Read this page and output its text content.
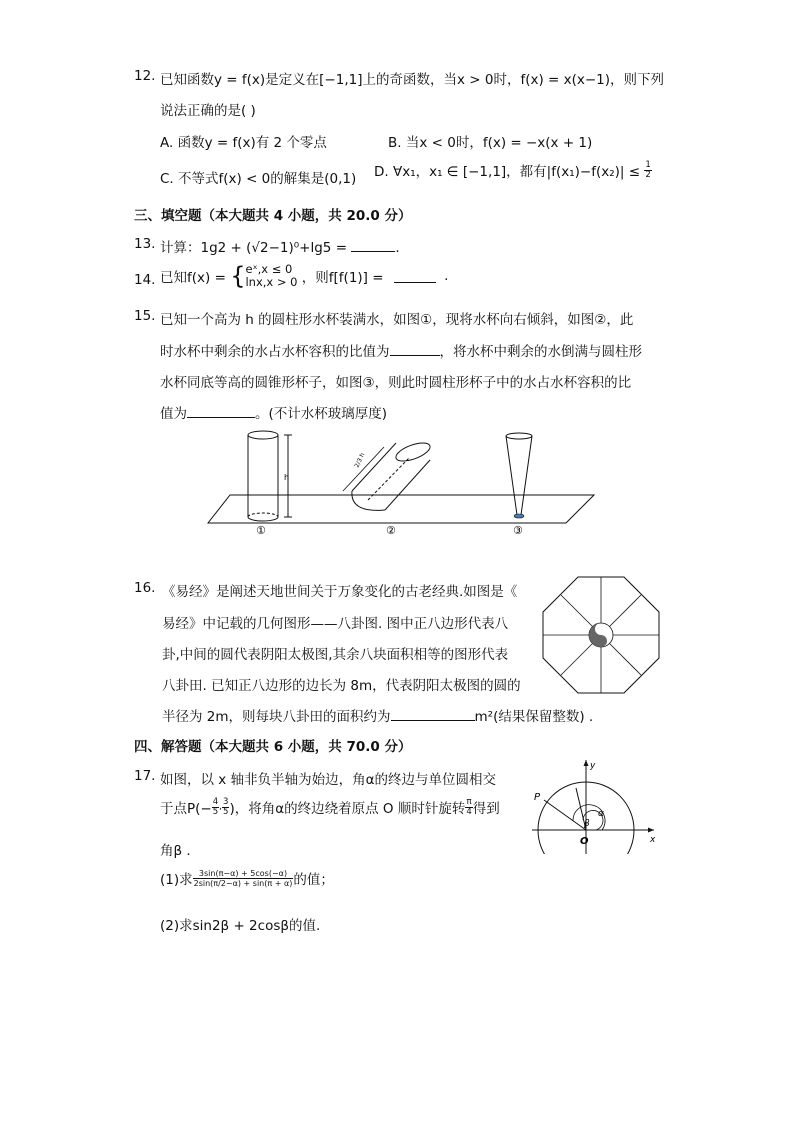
12. 已知函数y = f(x)是定义在[−1,1]上的奇函数，当x > 0时，f(x) = x(x−1)，则下列
说法正确的是( )
A. 函数y = f(x)有 2 个零点	B. 当x < 0时，f(x) = −x(x + 1)
C. 不等式f(x) < 0的解集是(0,1) D. ∀x₁，x₁ ∈ [−1,1]，都有$|f(x_1)-f(x_2)| \le \frac{1}{2}$
三、填空题（本大题共 4 小题，共 20.0 分）
13. 计算：1g2 + (√2−1)⁰+lg5 =	.
14. 已知f(x) = { eˣ,x ≤ 0
lnx,x > 0 ，则f[f(1)] =	.
15. 已知一个高为 h 的圆柱形水杯装满水，如图①，现将水杯向右倾斜，如图②，此
时水杯中剩余的水占水杯容积的比值为	，将水杯中剩余的水倒满与圆柱形
水杯同底等高的圆锥形杯子，如图③，则此时圆柱形杯子中的水占水杯容积的比
值为	。(不计水杯玻璃厚度)
h
2/3 h
①	②	③
16. 《易经》是阐述天地世间关于万象变化的古老经典.如图是《
易经》中记载的几何图形——八卦图. 图中正八边形代表八
卦,中间的圆代表阴阳太极图,其余八块面积相等的图形代表
八卦田. 已知正八边形的边长为 8m，代表阴阳太极图的圆的
半径为 2m，则每块八卦田的面积约为	m²(结果保留整数) .
四、解答题（本大题共 6 小题，共 70.0 分）
17. 如图，以 x 轴非负半轴为始边，角α的终边与单位圆相交
于点$P(- \frac{4}{5}$ , $\frac{3}{5}$ )，将角α的终边绕着原点 O 顺时针旋转 $\frac{\pi}{4}$ 得到
角β .
(1)求 $\frac{3\sin(\pi-\alpha) + 5\cos(-\alpha)}{2\sin(\pi/2-\alpha) + \sin(\pi + \alpha)}$ 的值；
(2)求sin2β + 2cosβ的值.
P
O
y
x
α
β
